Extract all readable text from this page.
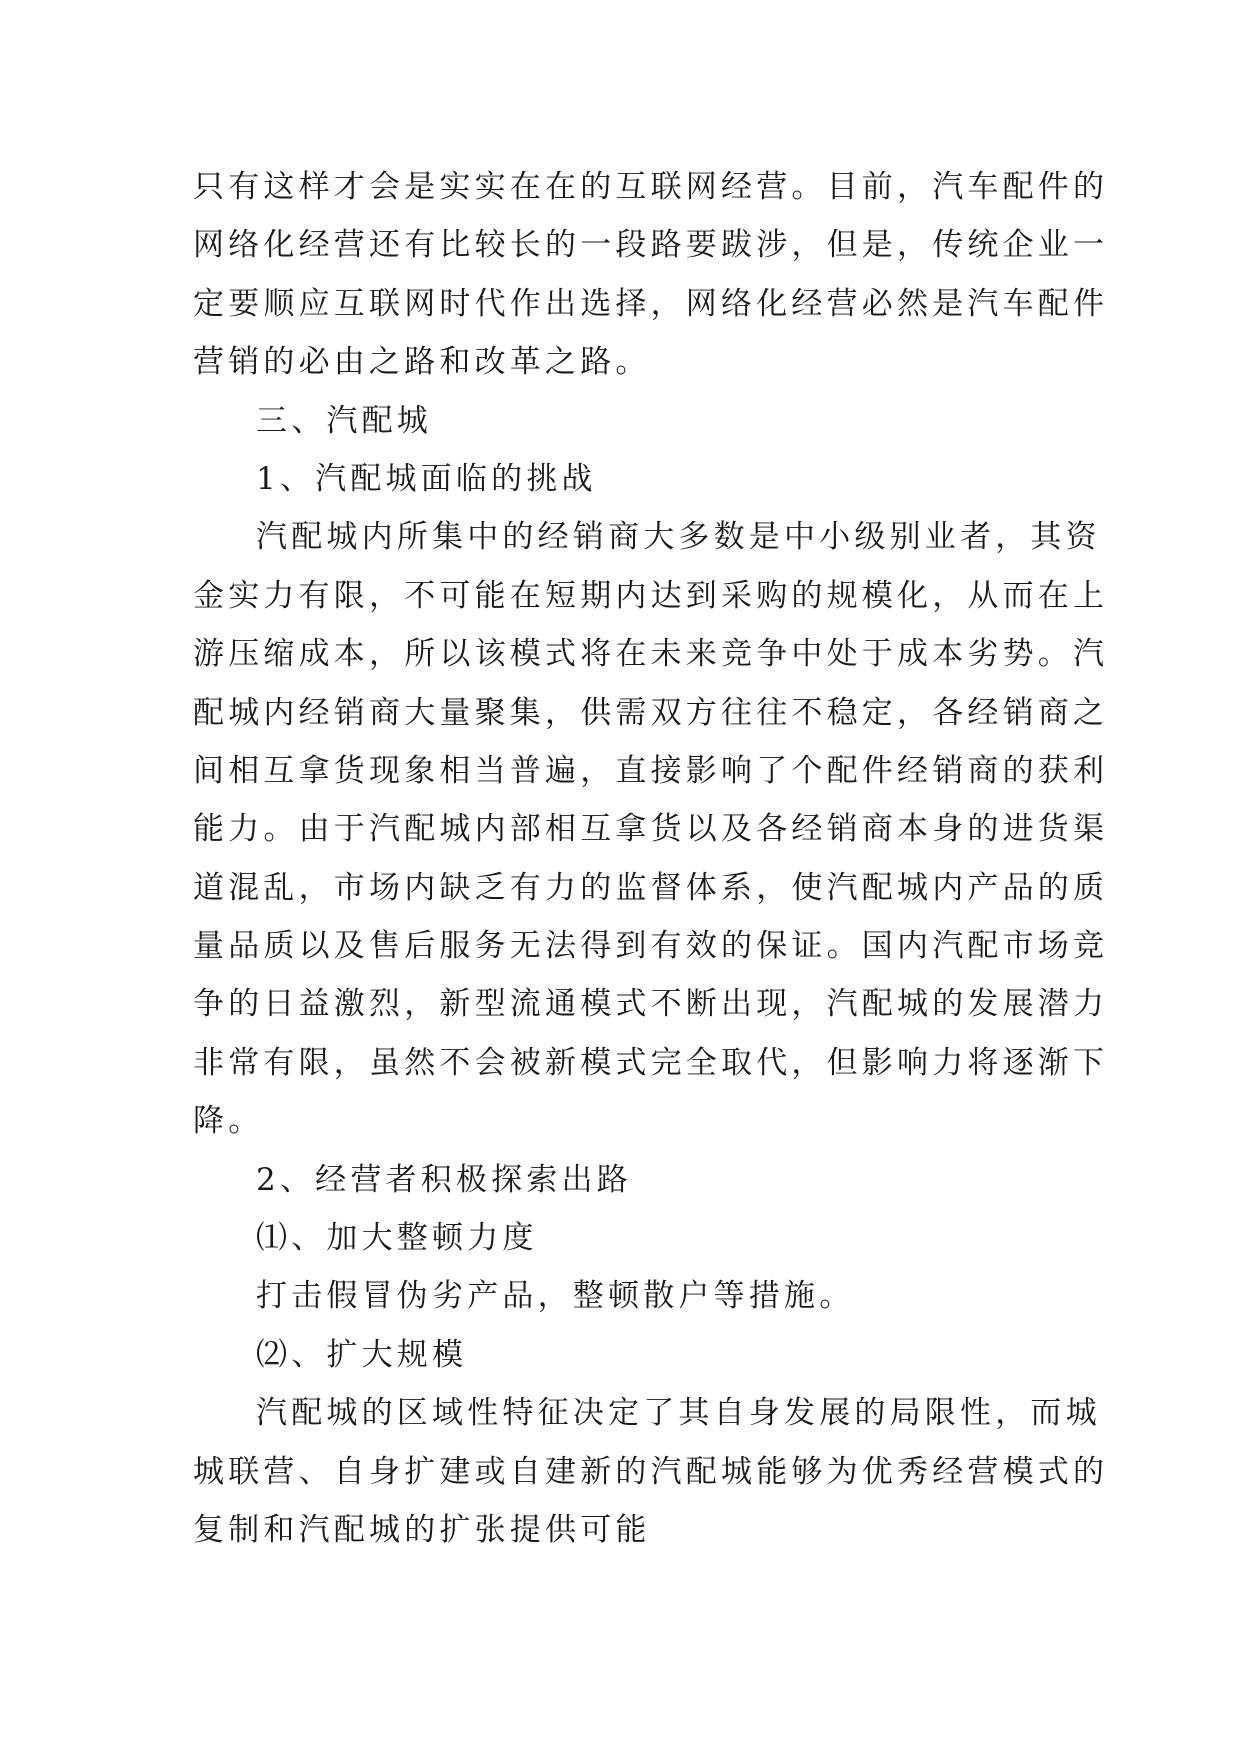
只有这样才会是实实在在的互联网经营。目前，汽车配件的
网络化经营还有比较长的一段路要跋涉，但是，传统企业一
定要顺应互联网时代作出选择，网络化经营必然是汽车配件
营销的必由之路和改革之路。
三、汽配城
1、汽配城面临的挑战
汽配城内所集中的经销商大多数是中小级别业者，其资
金实力有限，不可能在短期内达到采购的规模化，从而在上
游压缩成本，所以该模式将在未来竞争中处于成本劣势。汽
配城内经销商大量聚集，供需双方往往不稳定，各经销商之
间相互拿货现象相当普遍，直接影响了个配件经销商的获利
能力。由于汽配城内部相互拿货以及各经销商本身的进货渠
道混乱，市场内缺乏有力的监督体系，使汽配城内产品的质
量品质以及售后服务无法得到有效的保证。国内汽配市场竞
争的日益激烈，新型流通模式不断出现，汽配城的发展潜力
非常有限，虽然不会被新模式完全取代，但影响力将逐渐下
降。
2、经营者积极探索出路
⑴、加大整顿力度
打击假冒伪劣产品，整顿散户等措施。
⑵、扩大规模
汽配城的区域性特征决定了其自身发展的局限性，而城
城联营、自身扩建或自建新的汽配城能够为优秀经营模式的
复制和汽配城的扩张提供可能
